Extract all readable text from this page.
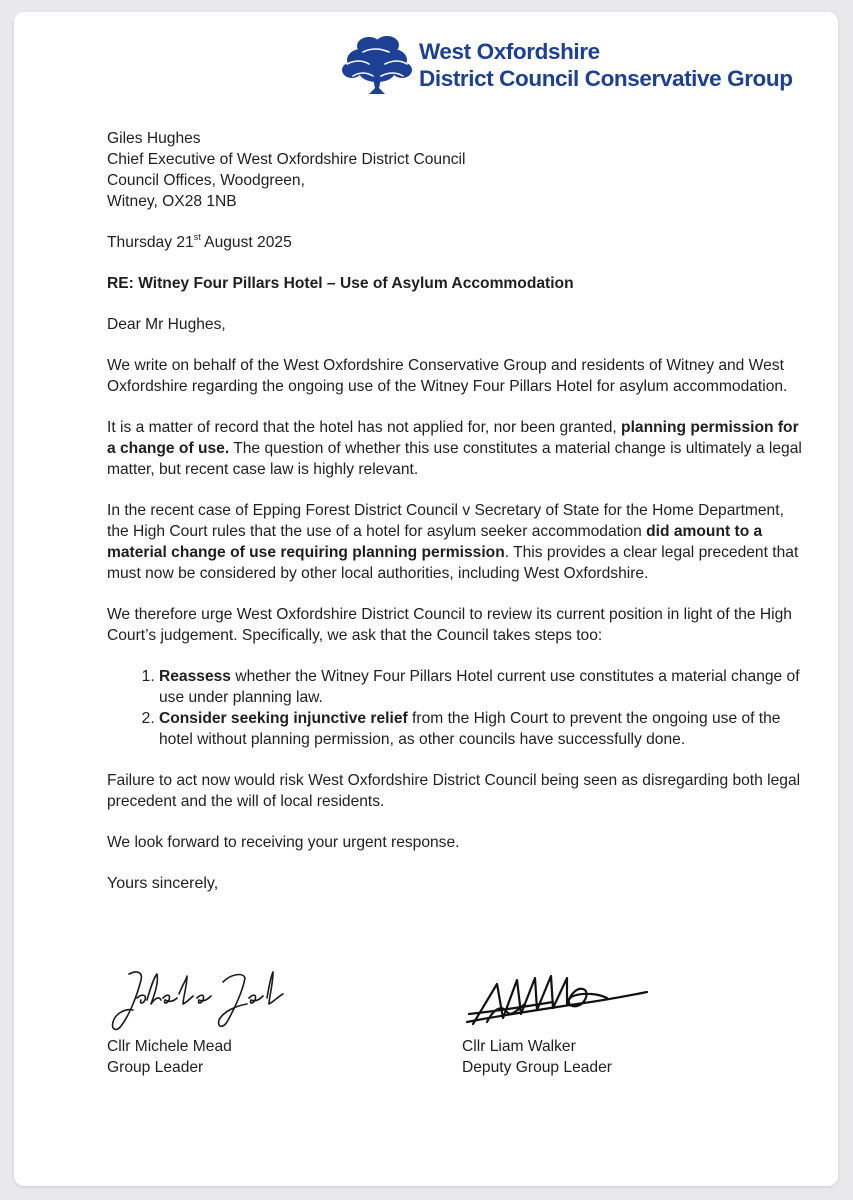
West Oxfordshire
District Council Conservative Group

Giles Hughes

Chief Executive of West Oxfordshire District Council

Council Offices, Woodgreen,

Witney, OX28 1NB

Thursday 21st August 2025

RE: Witney Four Pillars Hotel – Use of Asylum Accommodation

Dear Mr Hughes,

We write on behalf of the West Oxfordshire Conservative Group and residents of Witney and West Oxfordshire regarding the ongoing use of the Witney Four Pillars Hotel for asylum accommodation.

It is a matter of record that the hotel has not applied for, nor been granted, planning permission for a change of use. The question of whether this use constitutes a material change is ultimately a legal matter, but recent case law is highly relevant.

In the recent case of Epping Forest District Council v Secretary of State for the Home Department, the High Court rules that the use of a hotel for asylum seeker accommodation did amount to a material change of use requiring planning permission. This provides a clear legal precedent that must now be considered by other local authorities, including West Oxfordshire.

We therefore urge West Oxfordshire District Council to review its current position in light of the High Court’s judgement. Specifically, we ask that the Council takes steps too:

1. Reassess whether the Witney Four Pillars Hotel current use constitutes a material change of use under planning law.
2. Consider seeking injunctive relief from the High Court to prevent the ongoing use of the hotel without planning permission, as other councils have successfully done.

Failure to act now would risk West Oxfordshire District Council being seen as disregarding both legal precedent and the will of local residents.

We look forward to receiving your urgent response.

Yours sincerely,

Cllr Michele Mead
Group Leader
Cllr Liam Walker
Deputy Group Leader
